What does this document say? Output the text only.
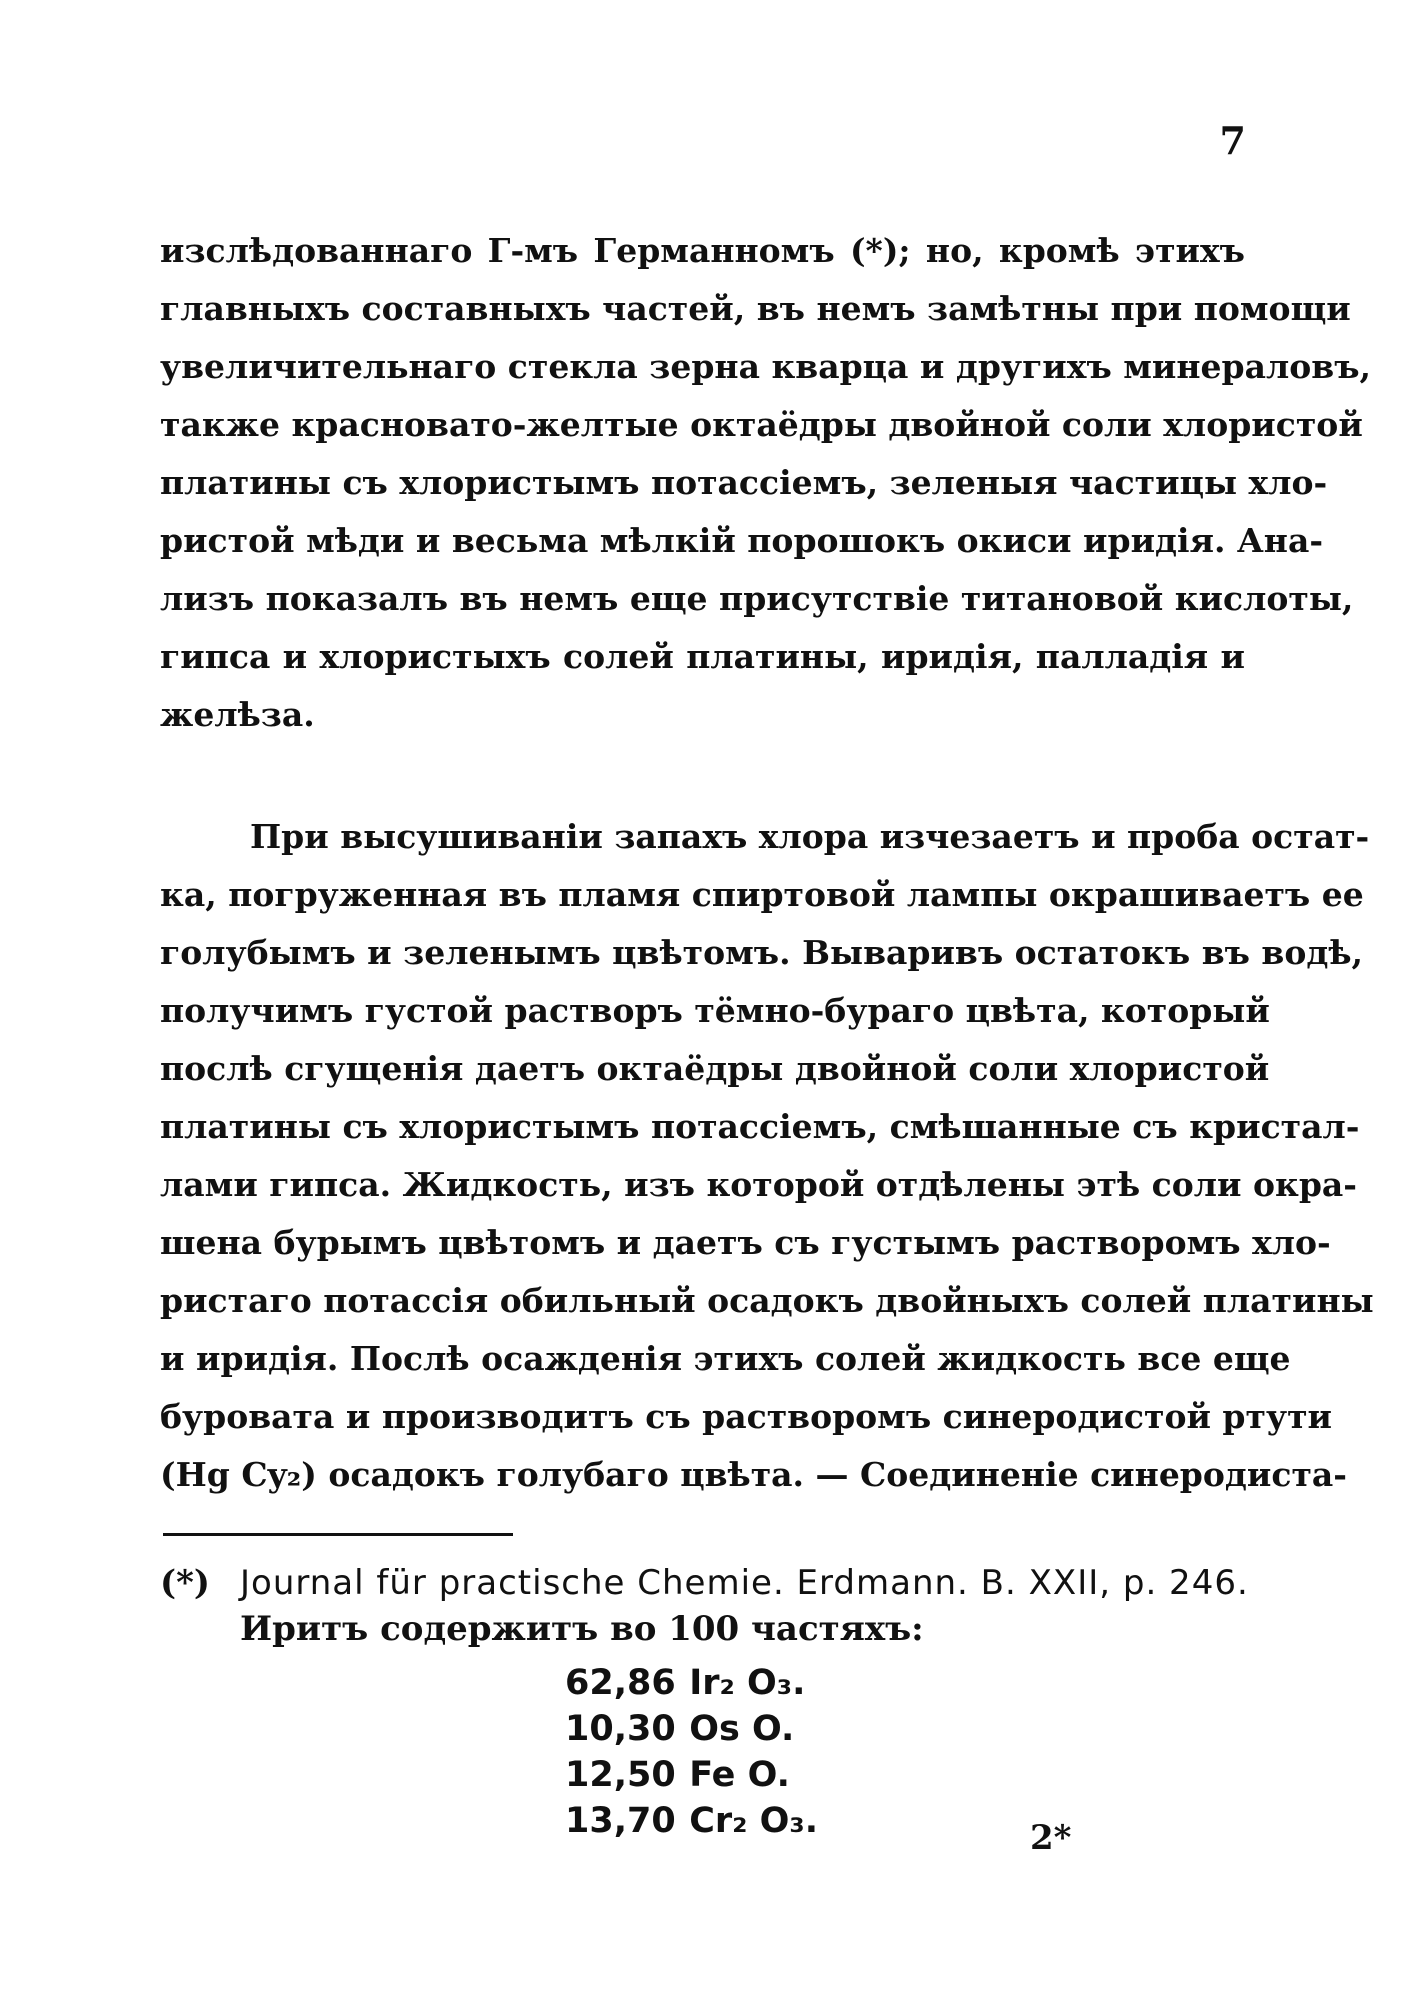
7

изслѣдованнаго Г-мъ Германномъ (*); но, кромѣ этихъ
главныхъ составныхъ частей, въ немъ замѣтны при помощи
увеличительнаго стекла зерна кварца и другихъ минераловъ,
также красновато-желтые октаëдры двойной соли хлористой
платины съ хлористымъ потассіемъ, зеленыя частицы хло-
ристой мѣди и весьма мѣлкій порошокъ окиси иридія. Ана-
лизъ показалъ въ немъ еще присутствіе титановой кислоты,
гипса и хлористыхъ солей платины, иридія, палладія и
желѣза.
При высушиваніи запахъ хлора изчезаетъ и проба остат-
ка, погруженная въ пламя спиртовой лампы окрашиваетъ ее
голубымъ и зеленымъ цвѣтомъ. Вываривъ остатокъ въ водѣ,
получимъ густой растворъ тёмно-бураго цвѣта, который
послѣ сгущенія даетъ октаëдры двойной соли хлористой
платины съ хлористымъ потассіемъ, смѣшанные съ кристал-
лами гипса. Жидкость, изъ которой отдѣлены этѣ соли окра-
шена бурымъ цвѣтомъ и даетъ съ густымъ растворомъ хло-
ристаго потассія обильный осадокъ двойныхъ солей платины
и иридія. Послѣ осажденія этихъ солей жидкость все еще
буровата и производитъ съ растворомъ синеродистой ртути
(Hg Cy₂) осадокъ голубаго цвѣта. — Соединеніе синеродиста-
(*) Journal für practische Chemie. Erdmann. B. XXII, p. 246.
Иритъ содержитъ во 100 частяхъ:
62,86 Ir₂ O₃.
10,30 Os O.
12,50 Fe O.
13,70 Cr₂ O₃.	2*
